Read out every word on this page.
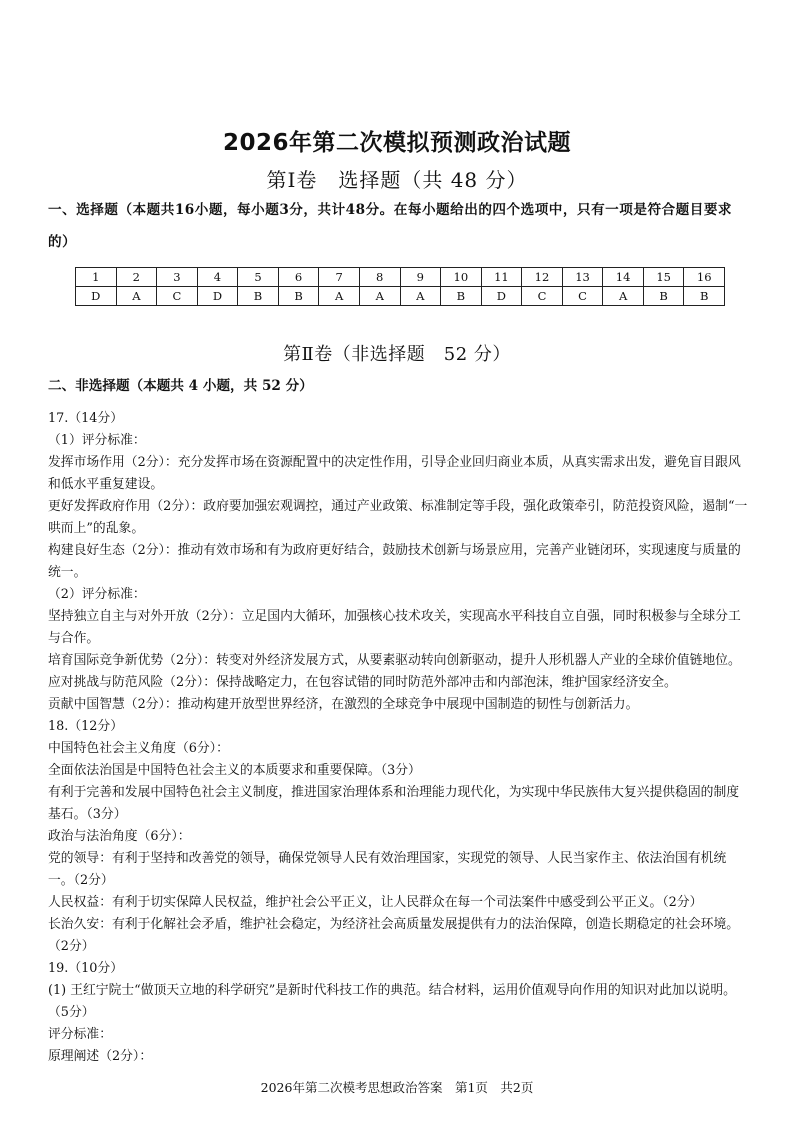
2026年第二次模拟预测政治试题
第Ⅰ卷　选择题（共 48 分）
一、选择题（本题共16小题，每小题3分，共计48分。在每小题给出的四个选项中，只有一项是符合题目要求的）
1	2	3	4	5	6	7	8	9	10	11	12	13	14	15	16
D	A	C	D	B	B	A	A	A	B	D	C	C	A	B	B
第Ⅱ卷（非选择题　52 分）
二、非选择题（本题共 4 小题，共 52 分）

17.（14分）

（1）评分标准：

发挥市场作用（2分）：充分发挥市场在资源配置中的决定性作用，引导企业回归商业本质，从真实需求出发，避免盲目跟风和低水平重复建设。

更好发挥政府作用（2分）：政府要加强宏观调控，通过产业政策、标准制定等手段，强化政策牵引，防范投资风险，遏制“一哄而上”的乱象。

构建良好生态（2分）：推动有效市场和有为政府更好结合，鼓励技术创新与场景应用，完善产业链闭环，实现速度与质量的统一。

（2）评分标准：

坚持独立自主与对外开放（2分）：立足国内大循环，加强核心技术攻关，实现高水平科技自立自强，同时积极参与全球分工与合作。

培育国际竞争新优势（2分）：转变对外经济发展方式，从要素驱动转向创新驱动，提升人形机器人产业的全球价值链地位。

应对挑战与防范风险（2分）：保持战略定力，在包容试错的同时防范外部冲击和内部泡沫，维护国家经济安全。

贡献中国智慧（2分）：推动构建开放型世界经济，在激烈的全球竞争中展现中国制造的韧性与创新活力。

18.（12分）

中国特色社会主义角度（6分）：

全面依法治国是中国特色社会主义的本质要求和重要保障。（3分）

有利于完善和发展中国特色社会主义制度，推进国家治理体系和治理能力现代化，为实现中华民族伟大复兴提供稳固的制度基石。（3分）

政治与法治角度（6分）：

党的领导：有利于坚持和改善党的领导，确保党领导人民有效治理国家，实现党的领导、人民当家作主、依法治国有机统一。（2分）

人民权益：有利于切实保障人民权益，维护社会公平正义，让人民群众在每一个司法案件中感受到公平正义。（2分）

长治久安：有利于化解社会矛盾，维护社会稳定，为经济社会高质量发展提供有力的法治保障，创造长期稳定的社会环境。（2分）

19.（10分）

(1) 王红宁院士“做顶天立地的科学研究”是新时代科技工作的典范。结合材料，运用价值观导向作用的知识对此加以说明。（5分）

评分标准：

原理阐述（2分）：

2026年第二次模考思想政治答案　第1页　共2页
